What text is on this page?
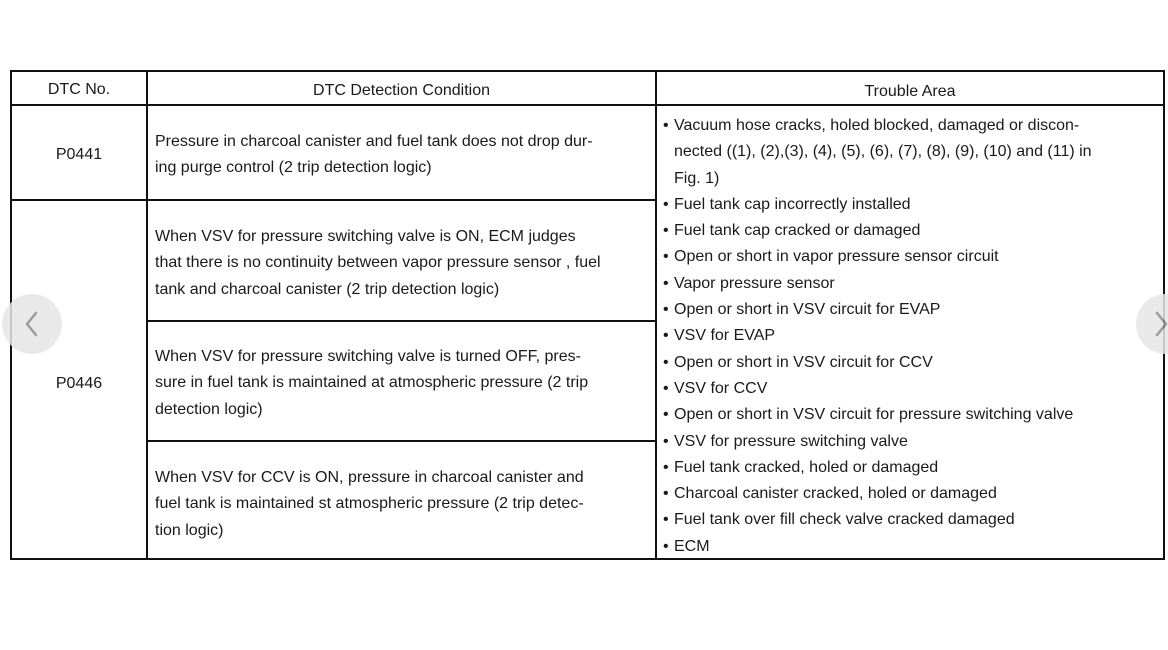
DTC No.	DTC Detection Condition	Trouble Area
P0441
P0446
Pressure in charcoal canister and fuel tank does not drop dur-
ing purge control (2 trip detection logic)
When VSV for pressure switching valve is ON, ECM judges
that there is no continuity between vapor pressure sensor , fuel
tank and charcoal canister (2 trip detection logic)
When VSV for pressure switching valve is turned OFF, pres-
sure in fuel tank is maintained at atmospheric pressure (2 trip
detection logic)
When VSV for CCV is ON, pressure in charcoal canister and
fuel tank is maintained st atmospheric pressure (2 trip detec-
tion logic)
• Vacuum hose cracks, holed blocked, damaged or discon-
nected ((1), (2),(3), (4), (5), (6), (7), (8), (9), (10) and (11) in
Fig. 1)
• Fuel tank cap incorrectly installed
• Fuel tank cap cracked or damaged
• Open or short in vapor pressure sensor circuit
• Vapor pressure sensor
• Open or short in VSV circuit for EVAP
• VSV for EVAP
• Open or short in VSV circuit for CCV
• VSV for CCV
• Open or short in VSV circuit for pressure switching valve
• VSV for pressure switching valve
• Fuel tank cracked, holed or damaged
• Charcoal canister cracked, holed or damaged
• Fuel tank over fill check valve cracked damaged
• ECM
